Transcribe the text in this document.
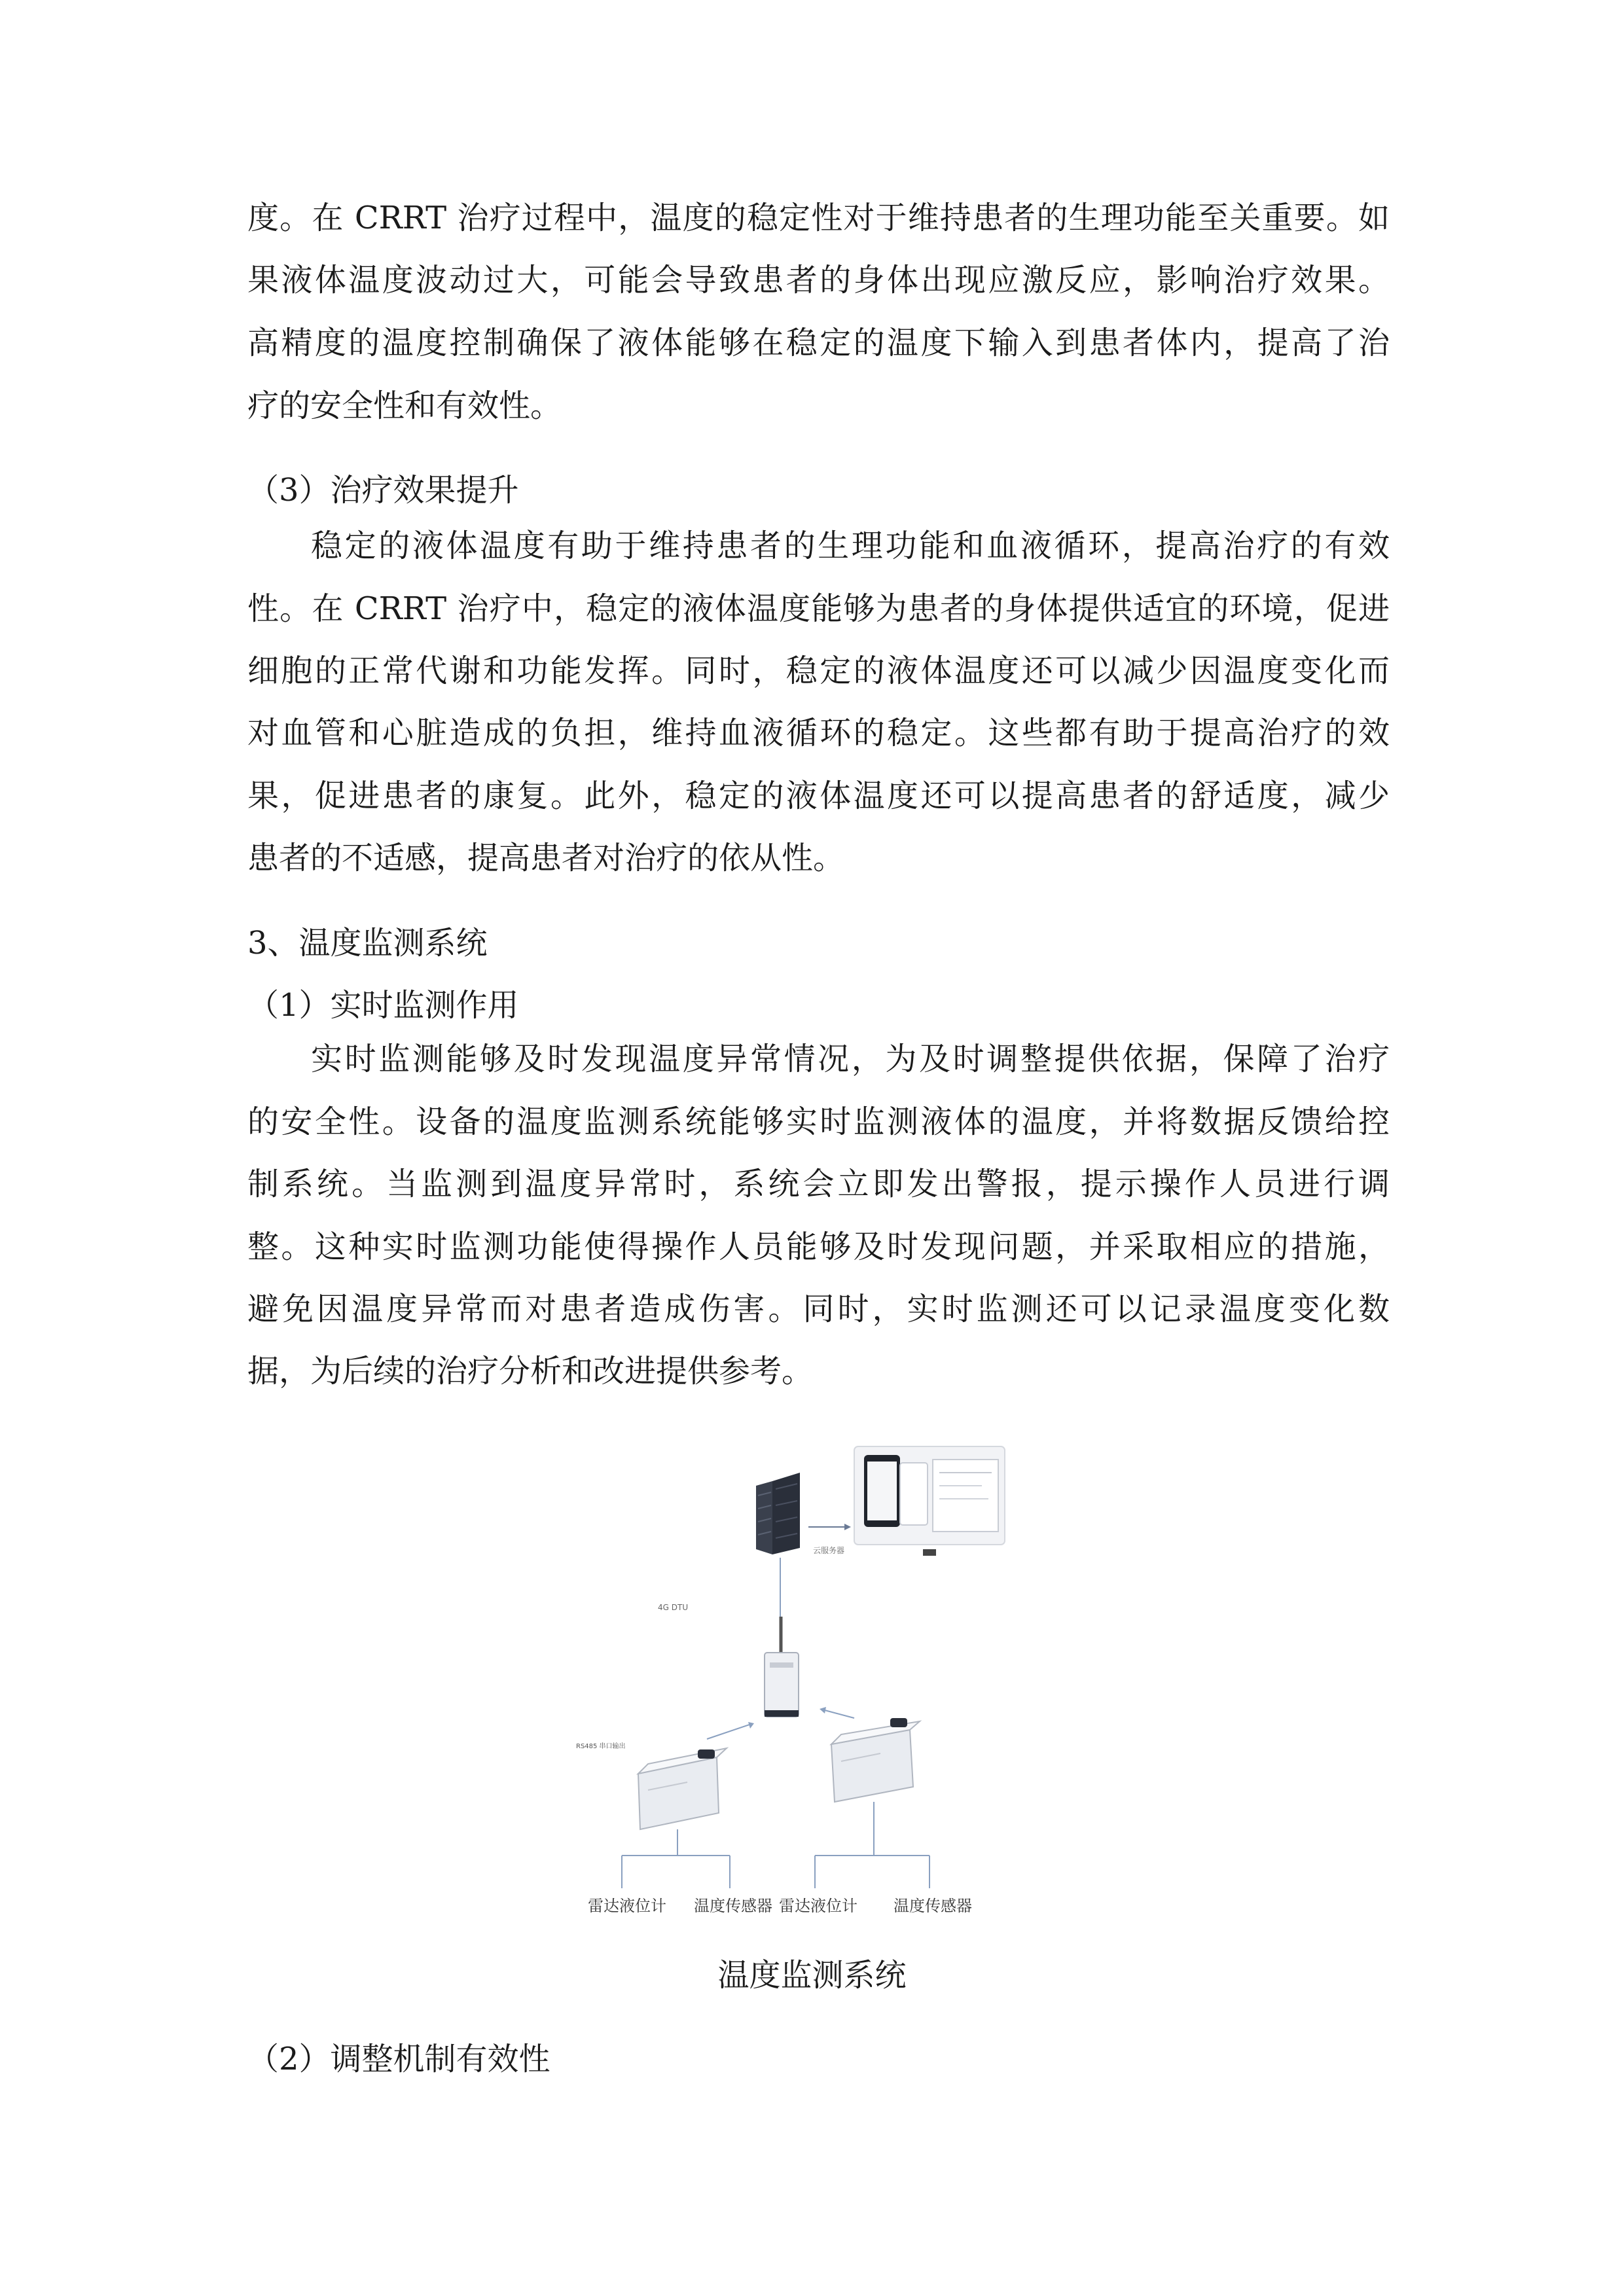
度。在 CRRT 治疗过程中，温度的稳定性对于维持患者的生理功能至关重要。如
果液体温度波动过大，可能会导致患者的身体出现应激反应，影响治疗效果。
高精度的温度控制确保了液体能够在稳定的温度下输入到患者体内，提高了治
疗的安全性和有效性。
（3）治疗效果提升
稳定的液体温度有助于维持患者的生理功能和血液循环，提高治疗的有效
性。在 CRRT 治疗中，稳定的液体温度能够为患者的身体提供适宜的环境，促进
细胞的正常代谢和功能发挥。同时，稳定的液体温度还可以减少因温度变化而
对血管和心脏造成的负担，维持血液循环的稳定。这些都有助于提高治疗的效
果，促进患者的康复。此外，稳定的液体温度还可以提高患者的舒适度，减少
患者的不适感，提高患者对治疗的依从性。
3、温度监测系统
（1）实时监测作用
实时监测能够及时发现温度异常情况，为及时调整提供依据，保障了治疗
的安全性。设备的温度监测系统能够实时监测液体的温度，并将数据反馈给控
制系统。当监测到温度异常时，系统会立即发出警报，提示操作人员进行调
整。这种实时监测功能使得操作人员能够及时发现问题，并采取相应的措施，
避免因温度异常而对患者造成伤害。同时，实时监测还可以记录温度变化数
据，为后续的治疗分析和改进提供参考。
云服务器
4G DTU
RS485 串口输出
雷达液位计 温度传感器 雷达液位计 温度传感器
温度监测系统
（2）调整机制有效性
